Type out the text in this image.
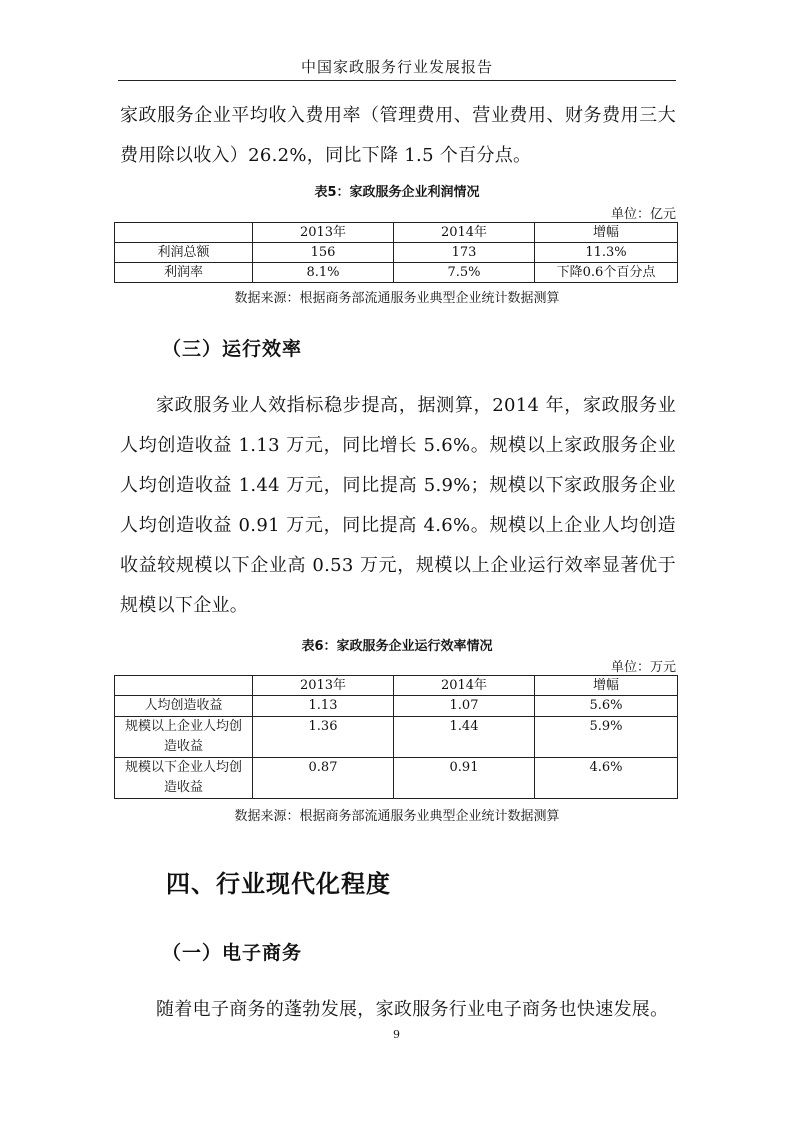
中国家政服务行业发展报告
家政服务企业平均收入费用率（管理费用、营业费用、财务费用三大费用除以收入）26.2%，同比下降 1.5 个百分点。
表5：家政服务企业利润情况
单位：亿元
	2013年	2014年	增幅
利润总额	156	173	11.3%
利润率	8.1%	7.5%	下降0.6个百分点
数据来源：根据商务部流通服务业典型企业统计数据测算
（三）运行效率
家政服务业人效指标稳步提高，据测算，2014 年，家政服务业人均创造收益 1.13 万元，同比增长 5.6%。规模以上家政服务企业人均创造收益 1.44 万元，同比提高 5.9%；规模以下家政服务企业人均创造收益 0.91 万元，同比提高 4.6%。规模以上企业人均创造收益较规模以下企业高 0.53 万元，规模以上企业运行效率显著优于规模以下企业。
表6：家政服务企业运行效率情况
单位：万元
	2013年	2014年	增幅
人均创造收益	1.13	1.07	5.6%
规模以上企业人均创造收益	1.36	1.44	5.9%
规模以下企业人均创造收益	0.87	0.91	4.6%
数据来源：根据商务部流通服务业典型企业统计数据测算
四、行业现代化程度
（一）电子商务
随着电子商务的蓬勃发展，家政服务行业电子商务也快速发展。
9
